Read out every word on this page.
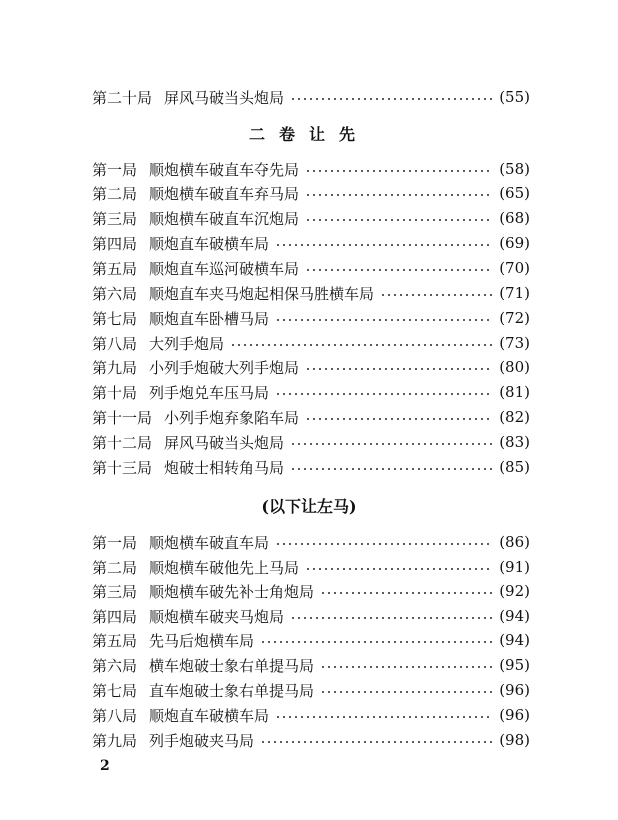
第二十局 屏风马破当头炮局	(55)
二卷让先
第一局 顺炮横车破直车夺先局	(58)
第二局 顺炮横车破直车弃马局	(65)
第三局 顺炮横车破直车沉炮局	(68)
第四局 顺炮直车破横车局	(69)
第五局 顺炮直车巡河破横车局	(70)
第六局 顺炮直车夹马炮起相保马胜横车局	(71)
第七局 顺炮直车卧槽马局	(72)
第八局 大列手炮局	(73)
第九局 小列手炮破大列手炮局	(80)
第十局 列手炮兑车压马局	(81)
第十一局 小列手炮弃象陷车局	(82)
第十二局 屏风马破当头炮局	(83)
第十三局 炮破士相转角马局	(85)
(以下让左马)
第一局 顺炮横车破直车局	(86)
第二局 顺炮横车破他先上马局	(91)
第三局 顺炮横车破先补士角炮局	(92)
第四局 顺炮横车破夹马炮局	(94)
第五局 先马后炮横车局	(94)
第六局 横车炮破士象右单提马局	(95)
第七局 直车炮破士象右单提马局	(96)
第八局 顺炮直车破横车局	(96)
第九局 列手炮破夹马局	(98)
2
